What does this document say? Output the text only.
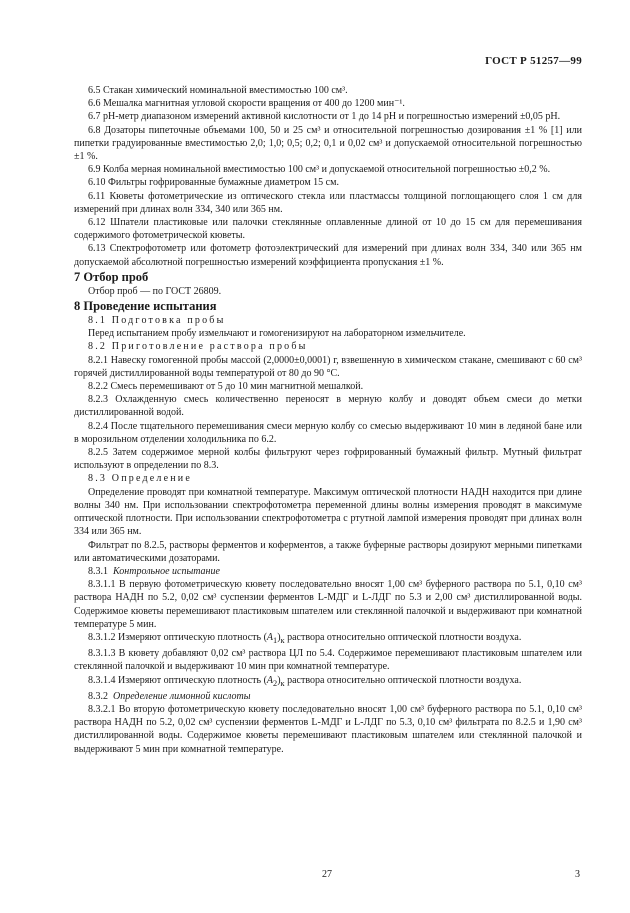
ГОСТ Р 51257—99

6.5 Стакан химический номинальной вместимостью 100 см³.

6.6 Мешалка магнитная угловой скорости вращения от 400 до 1200 мин⁻¹.

6.7 рН-метр диапазоном измерений активной кислотности от 1 до 14 рН и погрешностью измерений ±0,05 рН.

6.8 Дозаторы пипеточные объемами 100, 50 и 25 см³ и относительной погрешностью дозирования ±1 % [1] или пипетки градуированные вместимостью 2,0; 1,0; 0,5; 0,2; 0,1 и 0,02 см³ и допускаемой относительной погрешностью ±1 %.

6.9 Колба мерная номинальной вместимостью 100 см³ и допускаемой относительной погрешностью ±0,2 %.

6.10 Фильтры гофрированные бумажные диаметром 15 см.

6.11 Кюветы фотометрические из оптического стекла или пластмассы толщиной поглощающего слоя 1 см для измерений при длинах волн 334, 340 или 365 нм.

6.12 Шпатели пластиковые или палочки стеклянные оплавленные длиной от 10 до 15 см для перемешивания содержимого фотометрической кюветы.

6.13 Спектрофотометр или фотометр фотоэлектрический для измерений при длинах волн 334, 340 или 365 нм допускаемой абсолютной погрешностью измерений коэффициента пропускания ±1 %.

7 Отбор проб

Отбор проб — по ГОСТ 26809.

8 Проведение испытания

8.1 Подготовка пробы

Перед испытанием пробу измельчают и гомогенизируют на лабораторном измельчителе.

8.2 Приготовление раствора пробы

8.2.1 Навеску гомогенной пробы массой (2,0000±0,0001) г, взвешенную в химическом стакане, смешивают с 60 см³ горячей дистиллированной воды температурой от 80 до 90 °С.

8.2.2 Смесь перемешивают от 5 до 10 мин магнитной мешалкой.

8.2.3 Охлажденную смесь количественно переносят в мерную колбу и доводят объем смеси до метки дистиллированной водой.

8.2.4 После тщательного перемешивания смеси мерную колбу со смесью выдерживают 10 мин в ледяной бане или в морозильном отделении холодильника по 6.2.

8.2.5 Затем содержимое мерной колбы фильтруют через гофрированный бумажный фильтр. Мутный фильтрат используют в определении по 8.3.

8.3 Определение

Определение проводят при комнатной температуре. Максимум оптической плотности НАДН находится при длине волны 340 нм. При использовании спектрофотометра переменной длины волны измерения проводят в максимуме оптической плотности. При использовании спектрофотометра с ртутной лампой измерения проводят при длинах волн 334 или 365 нм.

Фильтрат по 8.2.5, растворы ферментов и коферментов, а также буферные растворы дозируют мерными пипетками или автоматическими дозаторами.

8.3.1 Контрольное испытание

8.3.1.1 В первую фотометрическую кювету последовательно вносят 1,00 см³ буферного раствора по 5.1, 0,10 см³ раствора НАДН по 5.2, 0,02 см³ суспензии ферментов L-МДГ и L-ЛДГ по 5.3 и 2,00 см³ дистиллированной воды. Содержимое кюветы перемешивают пластиковым шпателем или стеклянной палочкой и выдерживают при комнатной температуре 5 мин.

8.3.1.2 Измеряют оптическую плотность $(A_1)_к$ раствора относительно оптической плотности воздуха.

8.3.1.3 В кювету добавляют 0,02 см³ раствора ЦЛ по 5.4. Содержимое перемешивают пластиковым шпателем или стеклянной палочкой и выдерживают 10 мин при комнатной температуре.

8.3.1.4 Измеряют оптическую плотность $(A_2)_к$ раствора относительно оптической плотности воздуха.

8.3.2 Определение лимонной кислоты

8.3.2.1 Во вторую фотометрическую кювету последовательно вносят 1,00 см³ буферного раствора по 5.1, 0,10 см³ раствора НАДН по 5.2, 0,02 см³ суспензии ферментов L-МДГ и L-ЛДГ по 5.3, 0,10 см³ фильтрата по 8.2.5 и 1,90 см³ дистиллированной воды. Содержимое кюветы перемешивают пластиковым шпателем или стеклянной палочкой и выдерживают 5 мин при комнатной температуре.

27	3
